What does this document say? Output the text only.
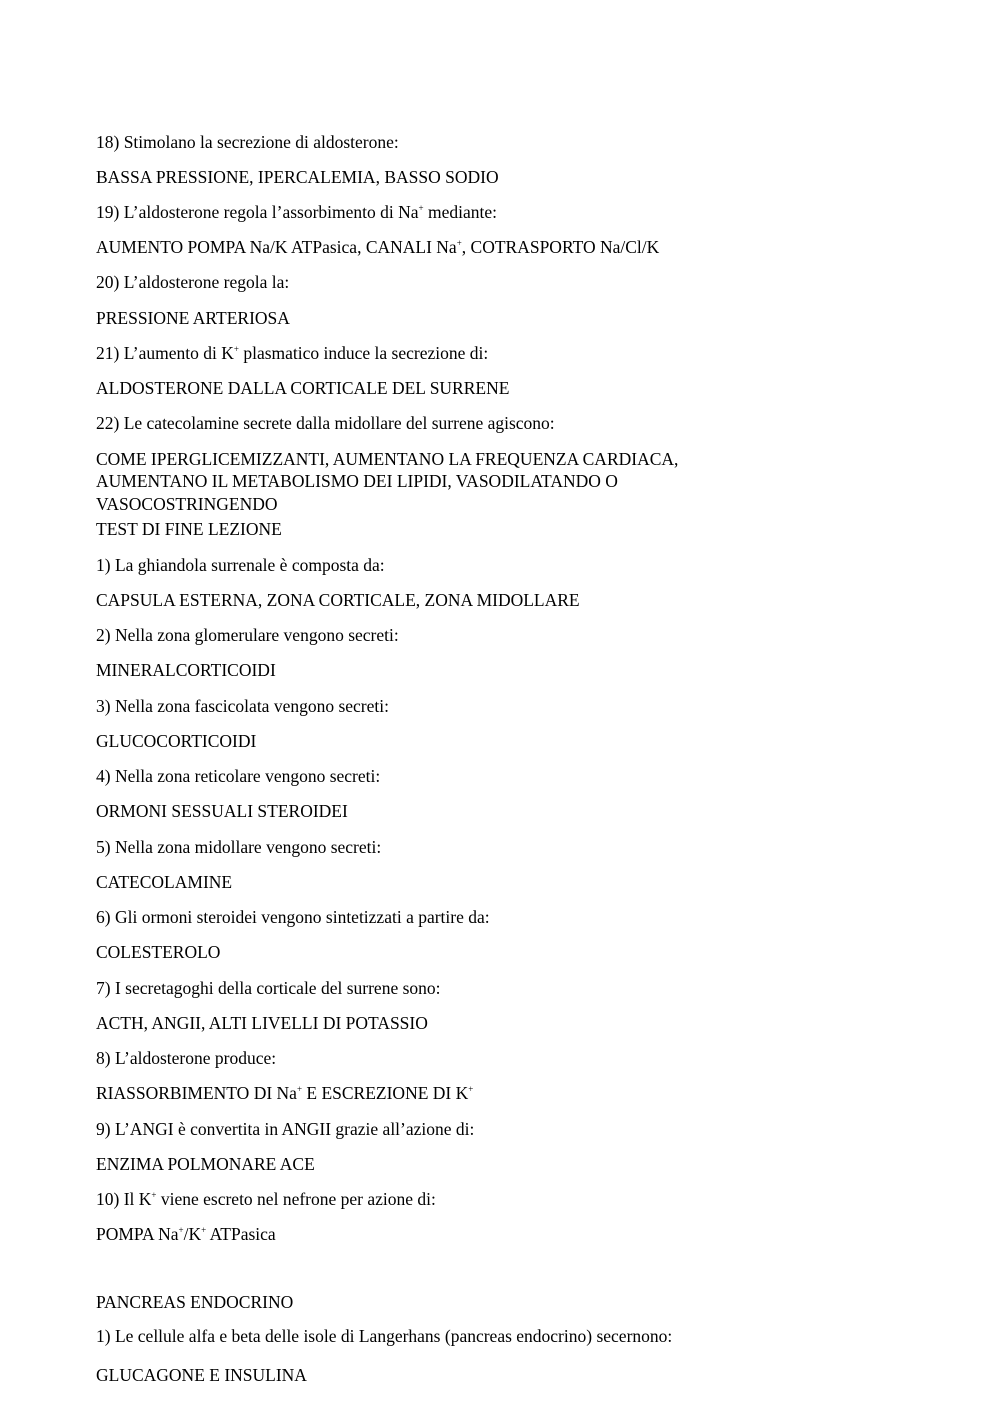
18) Stimolano la secrezione di aldosterone:

BASSA PRESSIONE, IPERCALEMIA, BASSO SODIO

19) L’aldosterone regola l’assorbimento di Na+ mediante:

AUMENTO POMPA Na/K ATPasica, CANALI Na+, COTRASPORTO Na/Cl/K

20) L’aldosterone regola la:

PRESSIONE ARTERIOSA

21) L’aumento di K+ plasmatico induce la secrezione di:

ALDOSTERONE DALLA CORTICALE DEL SURRENE

22) Le catecolamine secrete dalla midollare del surrene agiscono:

COME IPERGLICEMIZZANTI, AUMENTANO LA FREQUENZA CARDIACA,

AUMENTANO IL METABOLISMO DEI LIPIDI, VASODILATANDO O

VASOCOSTRINGENDO

TEST DI FINE LEZIONE

1) La ghiandola surrenale è composta da:

CAPSULA ESTERNA, ZONA CORTICALE, ZONA MIDOLLARE

2) Nella zona glomerulare vengono secreti:

MINERALCORTICOIDI

3) Nella zona fascicolata vengono secreti:

GLUCOCORTICOIDI

4) Nella zona reticolare vengono secreti:

ORMONI SESSUALI STEROIDEI

5) Nella zona midollare vengono secreti:

CATECOLAMINE

6) Gli ormoni steroidei vengono sintetizzati a partire da:

COLESTEROLO

7) I secretagoghi della corticale del surrene sono:

ACTH, ANGII, ALTI LIVELLI DI POTASSIO

8) L’aldosterone produce:

RIASSORBIMENTO DI Na+ E ESCREZIONE DI K+

9) L’ANGI è convertita in ANGII grazie all’azione di:

ENZIMA POLMONARE ACE

10) Il K+ viene escreto nel nefrone per azione di:

POMPA Na+/K+ ATPasica

PANCREAS ENDOCRINO

1) Le cellule alfa e beta delle isole di Langerhans (pancreas endocrino) secernono:

GLUCAGONE E INSULINA
